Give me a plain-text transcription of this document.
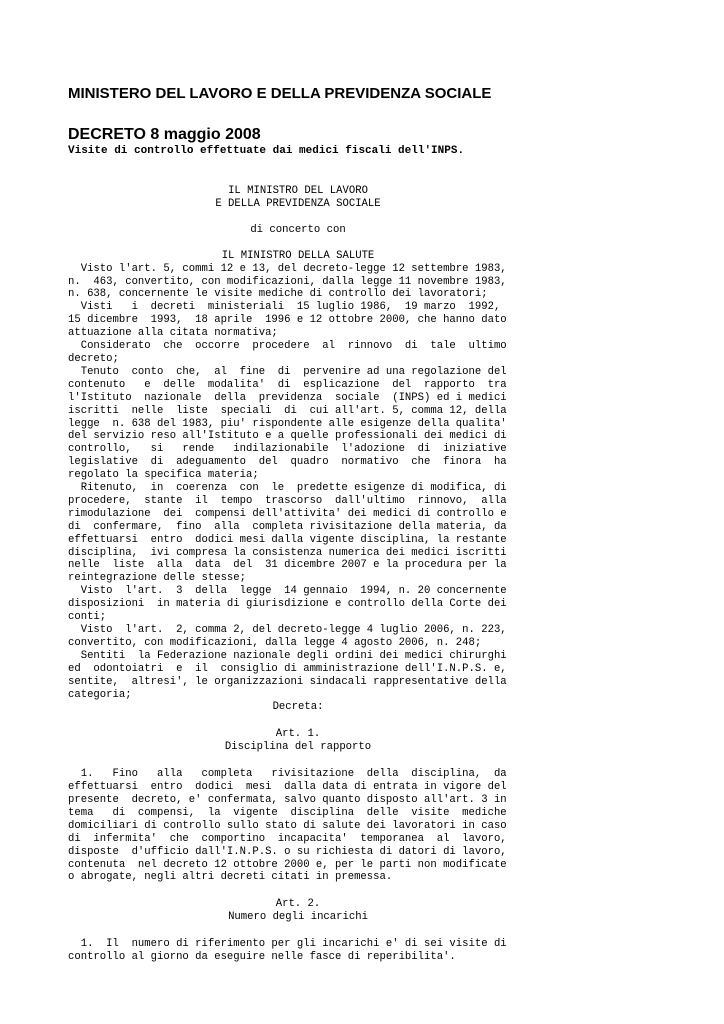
MINISTERO DEL LAVORO E DELLA PREVIDENZA SOCIALE
DECRETO 8 maggio 2008
Visite di controllo effettuate dai medici fiscali dell'INPS.
IL MINISTRO DEL LAVORO
E DELLA PREVIDENZA SOCIALE
di concerto con
IL MINISTRO DELLA SALUTE
Visto l'art. 5, commi 12 e 13, del decreto-legge 12 settembre 1983,
n.  463, convertito, con modificazioni, dalla legge 11 novembre 1983,
n. 638, concernente le visite mediche di controllo dei lavoratori;
Visti   i  decreti  ministeriali  15 luglio 1986,  19 marzo  1992,
15 dicembre  1993,  18 aprile  1996 e 12 ottobre 2000, che hanno dato
attuazione alla citata normativa;
Considerato  che  occorre  procedere  al  rinnovo  di  tale  ultimo
decreto;
Tenuto  conto  che,  al  fine  di  pervenire ad una regolazione del
contenuto   e  delle  modalita'  di  esplicazione  del  rapporto  tra
l'Istituto  nazionale  della  previdenza  sociale  (INPS) ed i medici
iscritti  nelle  liste  speciali  di  cui all'art. 5, comma 12, della
legge  n. 638 del 1983, piu' rispondente alle esigenze della qualita'
del servizio reso all'Istituto e a quelle professionali dei medici di
controllo,   si   rende   indilazionabile  l'adozione  di  iniziative
legislative  di  adeguamento  del  quadro  normativo  che  finora  ha
regolato la specifica materia;
Ritenuto,  in  coerenza  con  le  predette esigenze di modifica, di
procedere,  stante  il  tempo  trascorso  dall'ultimo  rinnovo,  alla
rimodulazione  dei  compensi dell'attivita' dei medici di controllo e
di  confermare,  fino  alla  completa rivisitazione della materia, da
effettuarsi  entro  dodici mesi dalla vigente disciplina, la restante
disciplina,  ivi compresa la consistenza numerica dei medici iscritti
nelle  liste  alla  data  del  31 dicembre 2007 e la procedura per la
reintegrazione delle stesse;
Visto  l'art.  3  della  legge  14 gennaio  1994, n. 20 concernente
disposizioni  in materia di giurisdizione e controllo della Corte dei
conti;
Visto  l'art.  2, comma 2, del decreto-legge 4 luglio 2006, n. 223,
convertito, con modificazioni, dalla legge 4 agosto 2006, n. 248;
Sentiti  la Federazione nazionale degli ordini dei medici chirurghi
ed  odontoiatri  e  il  consiglio di amministrazione dell'I.N.P.S. e,
sentite,  altresi', le organizzazioni sindacali rappresentative della
categoria;
Decreta:
Art. 1.
Disciplina del rapporto
1.   Fino   alla   completa   rivisitazione  della  disciplina,  da
effettuarsi  entro  dodici  mesi  dalla data di entrata in vigore del
presente  decreto, e' confermata, salvo quanto disposto all'art. 3 in
tema   di  compensi,  la  vigente  disciplina  delle  visite  mediche
domiciliari di controllo sullo stato di salute dei lavoratori in caso
di  infermita'  che  comportino  incapacita'  temporanea  al  lavoro,
disposte  d'ufficio dall'I.N.P.S. o su richiesta di datori di lavoro,
contenuta  nel decreto 12 ottobre 2000 e, per le parti non modificate
o abrogate, negli altri decreti citati in premessa.
Art. 2.
Numero degli incarichi
1.  Il  numero di riferimento per gli incarichi e' di sei visite di
controllo al giorno da eseguire nelle fasce di reperibilita'.
